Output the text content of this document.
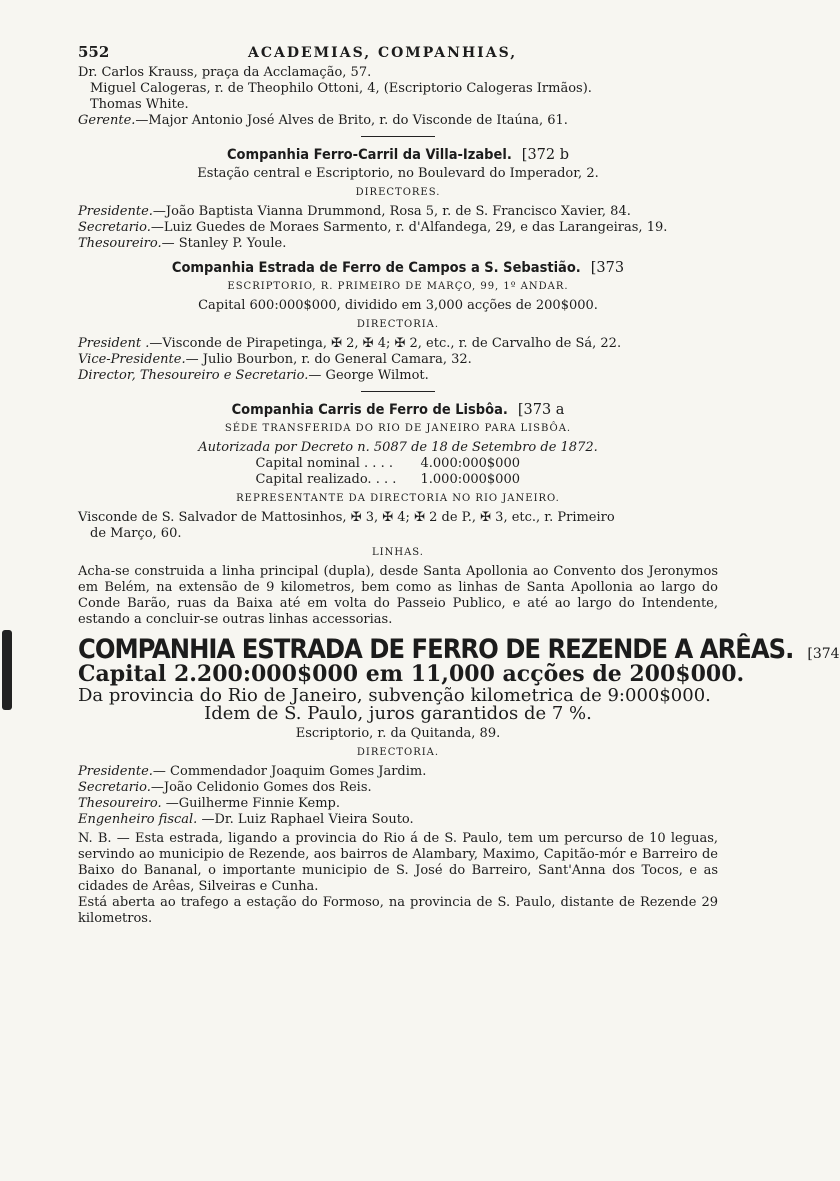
552	ACADEMIAS, COMPANHIAS,

Dr. Carlos Krauss, praça da Acclamação, 57.

Miguel Calogeras, r. de Theophilo Ottoni, 4, (Escriptorio Calogeras Irmãos).

Thomas White.

Gerente.—Major Antonio José Alves de Brito, r. do Visconde de Itaúna, 61.

Companhia Ferro-Carril da Villa-Izabel. [372 b
Estação central e Escriptorio, no Boulevard do Imperador, 2.
DIRECTORES.

Presidente.—João Baptista Vianna Drummond, Rosa 5, r. de S. Francisco Xavier, 84.

Secretario.—Luiz Guedes de Moraes Sarmento, r. d'Alfandega, 29, e das Larangeiras, 19.

Thesoureiro.— Stanley P. Youle.

Companhia Estrada de Ferro de Campos a S. Sebastião. [373
ESCRIPTORIO, R. PRIMEIRO DE MARÇO, 99, 1º ANDAR.
Capital 600:000$000, dividido em 3,000 acções de 200$000.
DIRECTORIA.

President .—Visconde de Pirapetinga, ✠ 2, ✠ 4; ✠ 2, etc., r. de Carvalho de Sá, 22.

Vice-Presidente.— Julio Bourbon, r. do General Camara, 32.

Director, Thesoureiro e Secretario.— George Wilmot.

Companhia Carris de Ferro de Lisbôa. [373 a
SÉDE TRANSFERIDA DO RIO DE JANEIRO PARA LISBÔA.
Autorizada por Decreto n. 5087 de 18 de Setembro de 1872.
Capital nominal . . . .	4.000:000$000
Capital realizado. . . .	1.000:000$000
REPRESENTANTE DA DIRECTORIA NO RIO JANEIRO.

Visconde de S. Salvador de Mattosinhos, ✠ 3, ✠ 4; ✠ 2 de P., ✠ 3, etc., r. Primeiro

de Março, 60.

LINHAS.

Acha-se construida a linha principal (dupla), desde Santa Apollonia ao Convento dos Jeronymos em Belém, na extensão de 9 kilometros, bem como as linhas de Santa Apollonia ao largo do Conde Barão, ruas da Baixa até em volta do Passeio Publico, e até ao largo do Intendente, estando a concluir-se outras linhas accessorias.

COMPANHIA ESTRADA DE FERRO DE REZENDE A ARÊAS. [374
Capital 2.200:000$000 em 11,000 acções de 200$000.
Da provincia do Rio de Janeiro, subvenção kilometrica de 9:000$000.
Idem de S. Paulo, juros garantidos de 7 %.
Escriptorio, r. da Quitanda, 89.
DIRECTORIA.

Presidente.— Commendador Joaquim Gomes Jardim.

Secretario.—João Celidonio Gomes dos Reis.

Thesoureiro. —Guilherme Finnie Kemp.

Engenheiro fiscal. —Dr. Luiz Raphael Vieira Souto.

N. B. — Esta estrada, ligando a provincia do Rio á de S. Paulo, tem um percurso de 10 leguas, servindo ao municipio de Rezende, aos bairros de Alambary, Maximo, Capitão-mór e Barreiro de Baixo do Bananal, o importante municipio de S. José do Barreiro, Sant'Anna dos Tocos, e as cidades de Arêas, Silveiras e Cunha.

Está aberta ao trafego a estação do Formoso, na provincia de S. Paulo, distante de Rezende 29 kilometros.
